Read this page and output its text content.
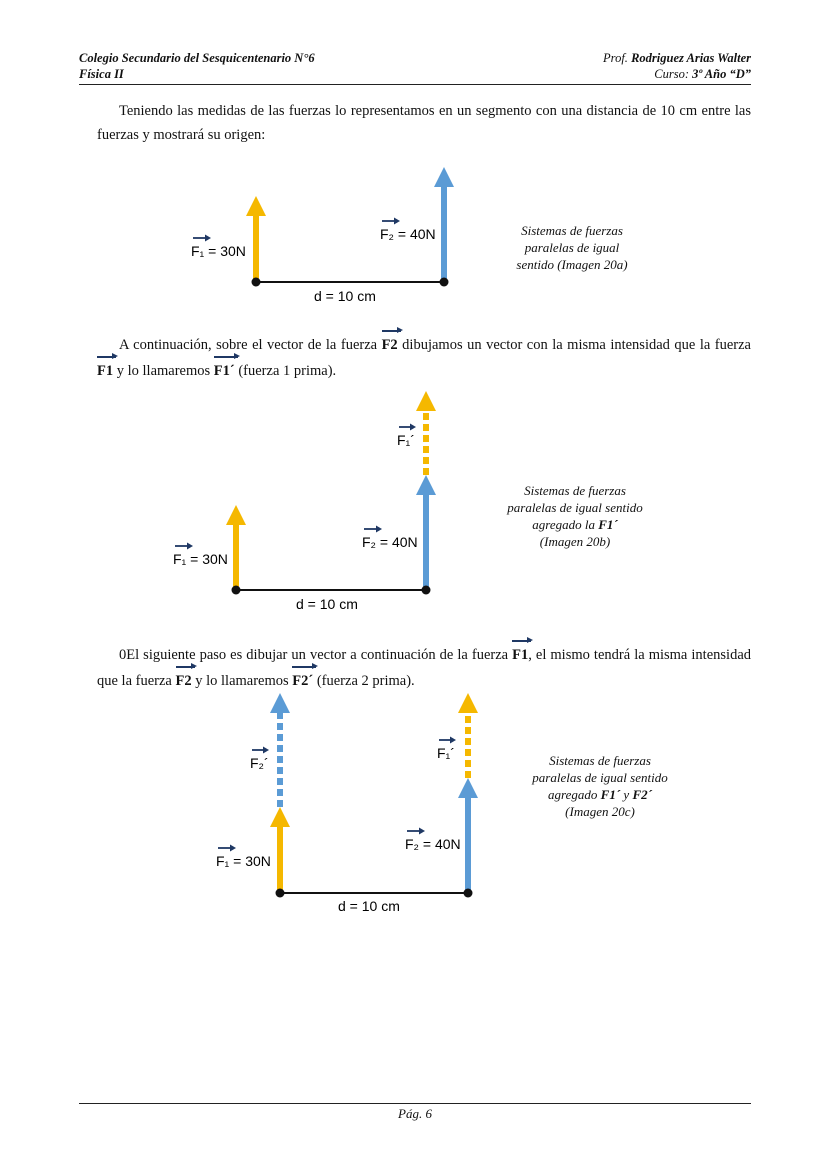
Colegio Secundario del Sesquicentenario N°6
Física II
Prof. Rodriguez Arias Walter
Curso: 3º Año “D”
Teniendo las medidas de las fuerzas lo representamos en un segmento con una distancia de 10 cm entre las fuerzas y mostrará su origen:
F₁ = 30N
F₂ = 40N
d = 10 cm
Sistemas de fuerzas
paralelas de igual
sentido (Imagen 20a)
A continuación, sobre el vector de la fuerza F2 dibujamos un vector con la misma intensidad que la fuerza F1 y lo llamaremos F1´ (fuerza 1 prima).
F₁ = 30N
F₂ = 40N
F₁´
d = 10 cm
Sistemas de fuerzas
paralelas de igual sentido
agregado la F1´
(Imagen 20b)
0El siguiente paso es dibujar un vector a continuación de la fuerza F1, el mismo tendrá la misma intensidad que la fuerza F2 y lo llamaremos F2´ (fuerza 2 prima).
F₁ = 30N
F₂´
F₂ = 40N
F₁´
d = 10 cm
Sistemas de fuerzas
paralelas de igual sentido
agregado F1´ y F2´
(Imagen 20c)
Pág. 6
